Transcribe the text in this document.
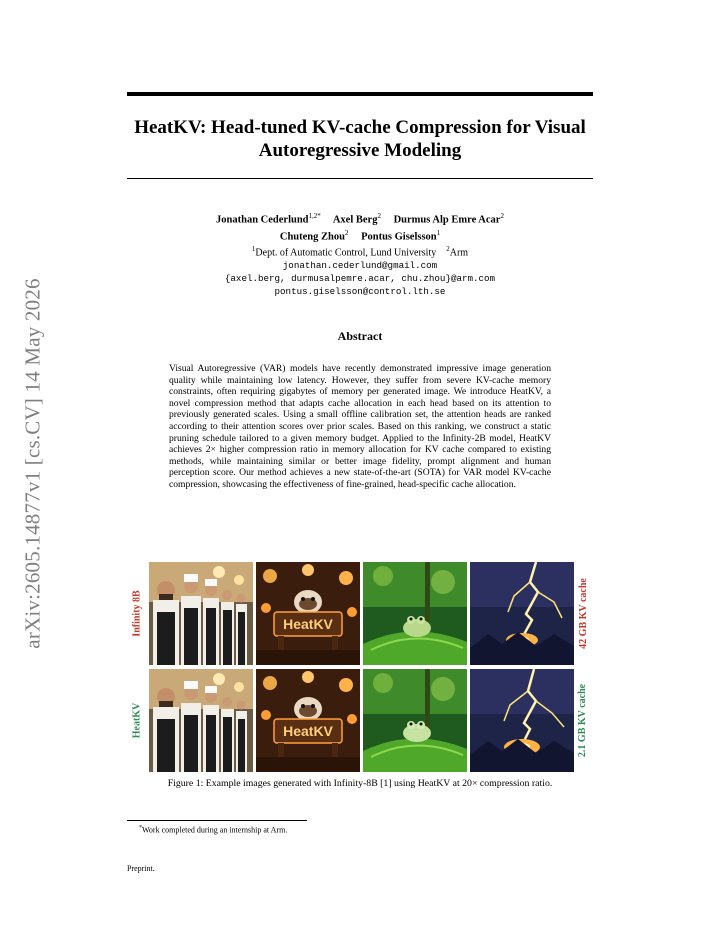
arXiv:2605.14877v1 [cs.CV] 14 May 2026
HeatKV: Head-tuned KV-cache Compression for Visual Autoregressive Modeling
Jonathan Cederlund$^{1,2*}$ Axel Berg$^2$ Durmus Alp Emre Acar$^2$
Chuteng Zhou$^2$ Pontus Giselsson$^1$
$^1$Dept. of Automatic Control, Lund University $^2$Arm
jonathan.cederlund@gmail.com
{axel.berg, durmusalpemre.acar, chu.zhou}@arm.com
pontus.giselsson@control.lth.se
Abstract
Visual Autoregressive (VAR) models have recently demonstrated impressive image generation quality while maintaining low latency. However, they suffer from severe KV-cache memory constraints, often requiring gigabytes of memory per generated image. We introduce HeatKV, a novel compression method that adapts cache allocation in each head based on its attention to previously generated scales. Using a small offline calibration set, the attention heads are ranked according to their attention scores over prior scales. Based on this ranking, we construct a static pruning schedule tailored to a given memory budget. Applied to the Infinity-2B model, HeatKV achieves 2× higher compression ratio in memory allocation for KV cache compared to existing methods, while maintaining similar or better image fidelity, prompt alignment and human perception score. Our method achieves a new state-of-the-art (SOTA) for VAR model KV-cache compression, showcasing the effectiveness of fine-grained, head-specific cache allocation.
Infinity 8B
HeatKV
42 GB KV cache
2.1 GB KV cache
HeatKV
HeatKV
Figure 1: Example images generated with Infinity-8B [1] using HeatKV at 20× compression ratio.
*Work completed during an internship at Arm.
Preprint.
